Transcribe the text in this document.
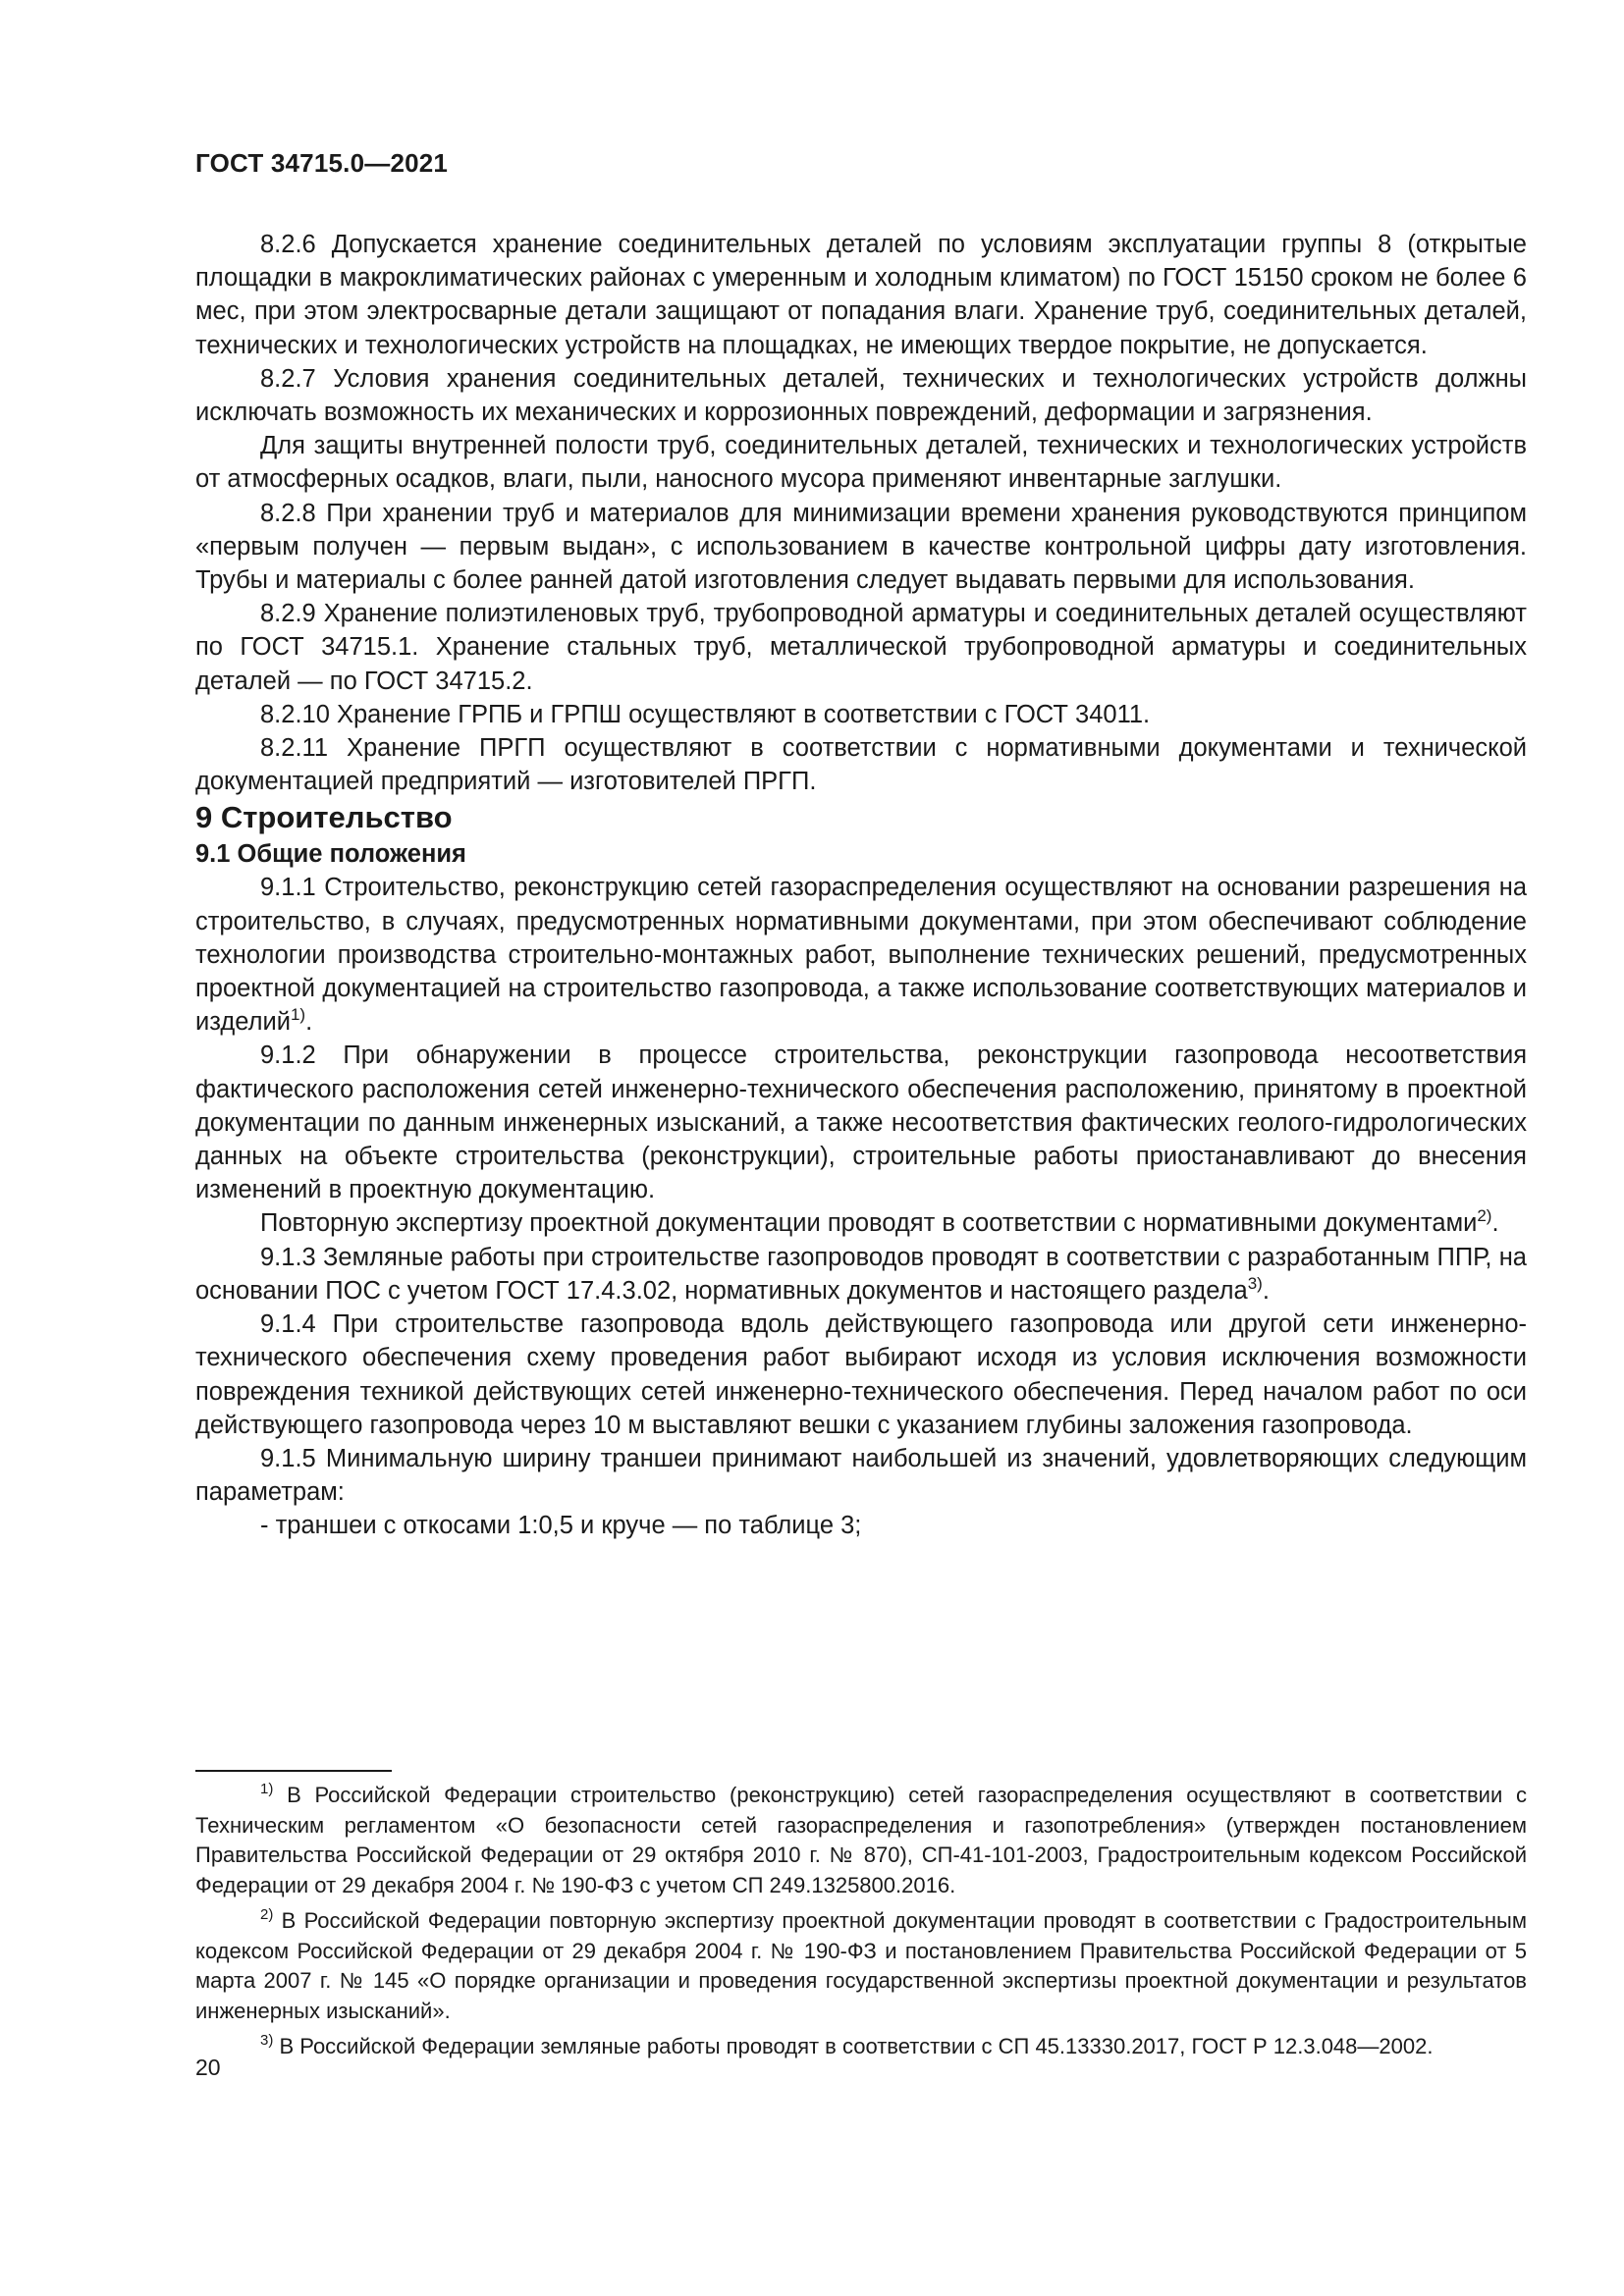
ГОСТ 34715.0—2021

8.2.6 Допускается хранение соединительных деталей по условиям эксплуатации группы 8 (открытые площадки в макроклиматических районах с умеренным и холодным климатом) по ГОСТ 15150 сроком не более 6 мес, при этом электросварные детали защищают от попадания влаги. Хранение труб, соединительных деталей, технических и технологических устройств на площадках, не имеющих твердое покрытие, не допускается.

8.2.7 Условия хранения соединительных деталей, технических и технологических устройств должны исключать возможность их механических и коррозионных повреждений, деформации и загрязнения.

Для защиты внутренней полости труб, соединительных деталей, технических и технологических устройств от атмосферных осадков, влаги, пыли, наносного мусора применяют инвентарные заглушки.

8.2.8 При хранении труб и материалов для минимизации времени хранения руководствуются принципом «первым получен — первым выдан», с использованием в качестве контрольной цифры дату изготовления. Трубы и материалы с более ранней датой изготовления следует выдавать первыми для использования.

8.2.9 Хранение полиэтиленовых труб, трубопроводной арматуры и соединительных деталей осуществляют по ГОСТ 34715.1. Хранение стальных труб, металлической трубопроводной арматуры и соединительных деталей — по ГОСТ 34715.2.

8.2.10 Хранение ГРПБ и ГРПШ осуществляют в соответствии с ГОСТ 34011.

8.2.11 Хранение ПРГП осуществляют в соответствии с нормативными документами и технической документацией предприятий — изготовителей ПРГП.

9 Строительство

9.1 Общие положения

9.1.1 Строительство, реконструкцию сетей газораспределения осуществляют на основании разрешения на строительство, в случаях, предусмотренных нормативными документами, при этом обеспечивают соблюдение технологии производства строительно-монтажных работ, выполнение технических решений, предусмотренных проектной документацией на строительство газопровода, а также использование соответствующих материалов и изделий$^{1)}$.

9.1.2 При обнаружении в процессе строительства, реконструкции газопровода несоответствия фактического расположения сетей инженерно-технического обеспечения расположению, принятому в проектной документации по данным инженерных изысканий, а также несоответствия фактических геолого-гидрологических данных на объекте строительства (реконструкции), строительные работы приостанавливают до внесения изменений в проектную документацию.

Повторную экспертизу проектной документации проводят в соответствии с нормативными документами$^{2)}$.

9.1.3 Земляные работы при строительстве газопроводов проводят в соответствии с разработанным ППР, на основании ПОС с учетом ГОСТ 17.4.3.02, нормативных документов и настоящего раздела$^{3)}$.

9.1.4 При строительстве газопровода вдоль действующего газопровода или другой сети инженерно-технического обеспечения схему проведения работ выбирают исходя из условия исключения возможности повреждения техникой действующих сетей инженерно-технического обеспечения. Перед началом работ по оси действующего газопровода через 10 м выставляют вешки с указанием глубины заложения газопровода.

9.1.5 Минимальную ширину траншеи принимают наибольшей из значений, удовлетворяющих следующим параметрам:

- траншеи с откосами 1:0,5 и круче — по таблице 3;

$^{1)}$ В Российской Федерации строительство (реконструкцию) сетей газораспределения осуществляют в соответствии с Техническим регламентом «О безопасности сетей газораспределения и газопотребления» (утвержден постановлением Правительства Российской Федерации от 29 октября 2010 г. № 870), СП-41-101-2003, Градостроительным кодексом Российской Федерации от 29 декабря 2004 г. № 190-ФЗ с учетом СП 249.1325800.2016.

$^{2)}$ В Российской Федерации повторную экспертизу проектной документации проводят в соответствии с Градостроительным кодексом Российской Федерации от 29 декабря 2004 г. № 190-ФЗ и постановлением Правительства Российской Федерации от 5 марта 2007 г. № 145 «О порядке организации и проведения государственной экспертизы проектной документации и результатов инженерных изысканий».

$^{3)}$ В Российской Федерации земляные работы проводят в соответствии с СП 45.13330.2017, ГОСТ Р 12.3.048—2002.

20
